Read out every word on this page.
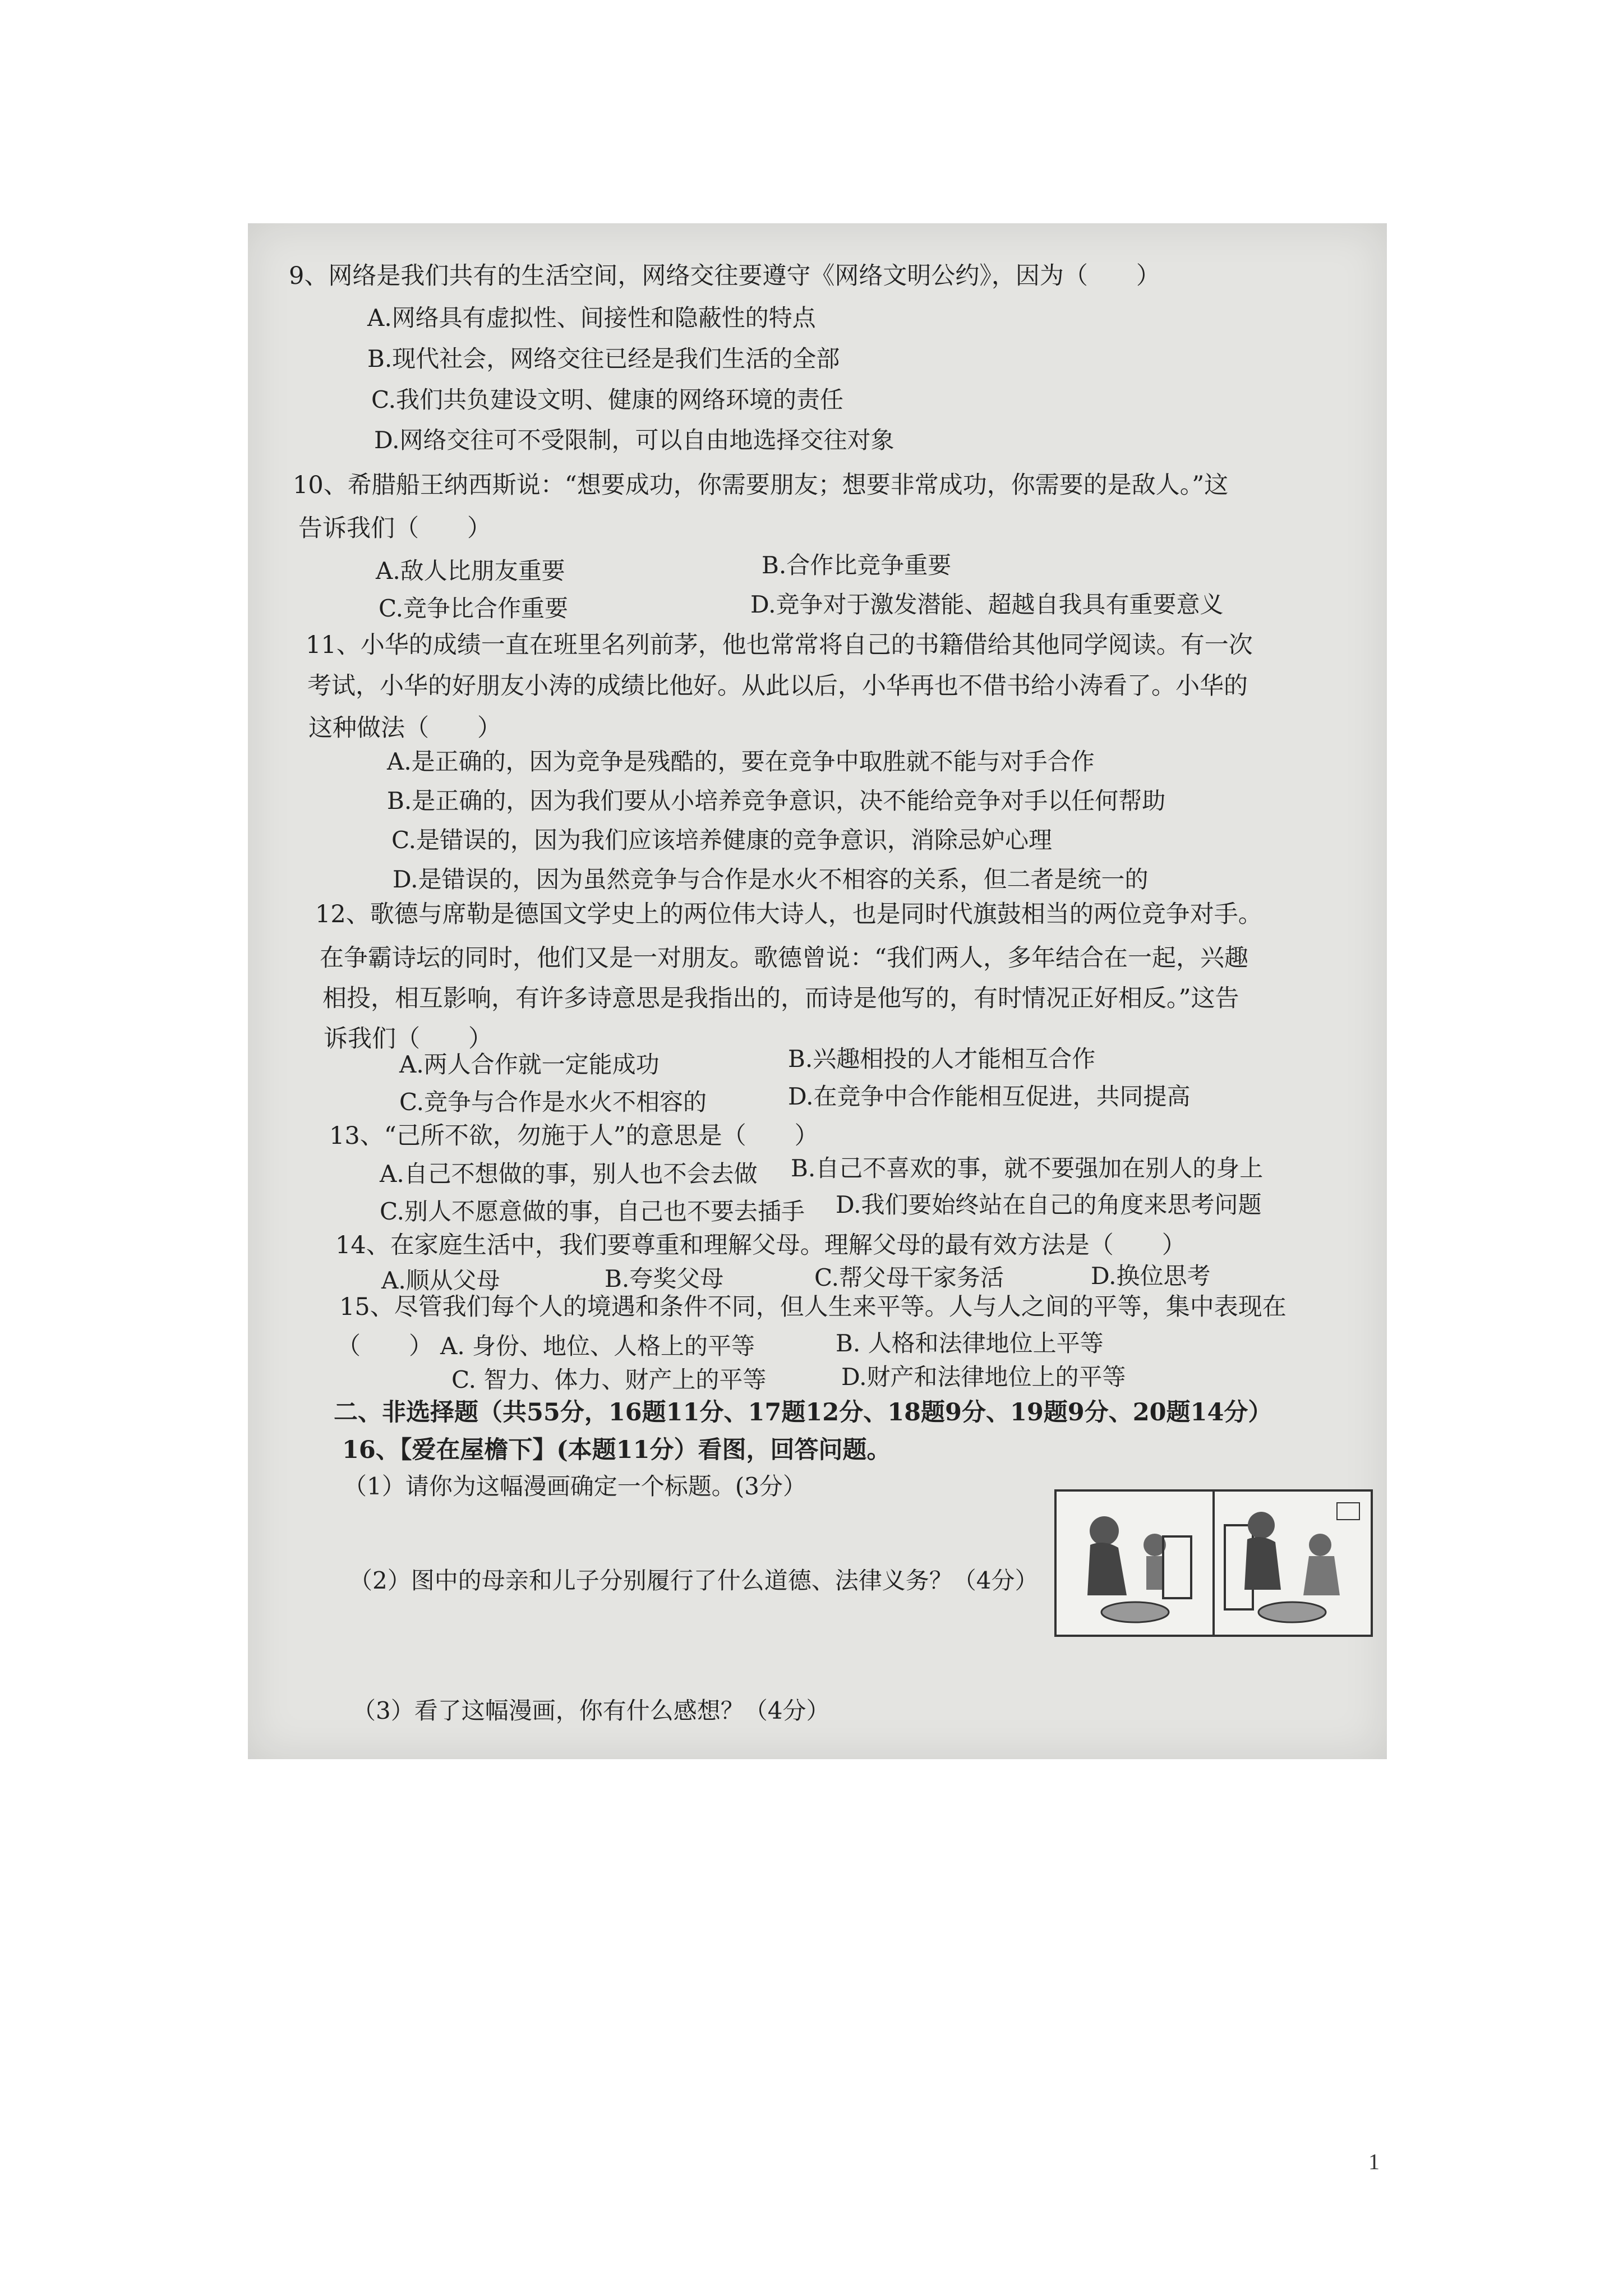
9、网络是我们共有的生活空间，网络交往要遵守《网络文明公约》，因为（　　）
A.网络具有虚拟性、间接性和隐蔽性的特点
B.现代社会，网络交往已经是我们生活的全部
C.我们共负建设文明、健康的网络环境的责任
D.网络交往可不受限制，可以自由地选择交往对象
10、希腊船王纳西斯说：“想要成功，你需要朋友；想要非常成功，你需要的是敌人。”这
告诉我们（　　）
A.敌人比朋友重要	B.合作比竞争重要
C.竞争比合作重要	D.竞争对于激发潜能、超越自我具有重要意义
11、小华的成绩一直在班里名列前茅，他也常常将自己的书籍借给其他同学阅读。有一次
考试，小华的好朋友小涛的成绩比他好。从此以后，小华再也不借书给小涛看了。小华的
这种做法（　　）
A.是正确的，因为竞争是残酷的，要在竞争中取胜就不能与对手合作
B.是正确的，因为我们要从小培养竞争意识，决不能给竞争对手以任何帮助
C.是错误的，因为我们应该培养健康的竞争意识，消除忌妒心理
D.是错误的，因为虽然竞争与合作是水火不相容的关系，但二者是统一的
12、歌德与席勒是德国文学史上的两位伟大诗人，也是同时代旗鼓相当的两位竞争对手。
在争霸诗坛的同时，他们又是一对朋友。歌德曾说：“我们两人，多年结合在一起，兴趣
相投，相互影响，有许多诗意思是我指出的，而诗是他写的，有时情况正好相反。”这告
诉我们（　　）
A.两人合作就一定能成功	B.兴趣相投的人才能相互合作
C.竞争与合作是水火不相容的	D.在竞争中合作能相互促进，共同提高
13、“己所不欲，勿施于人”的意思是（　　）
A.自己不想做的事，别人也不会去做 B.自己不喜欢的事，就不要强加在别人的身上
C.别人不愿意做的事，自己也不要去插手 D.我们要始终站在自己的角度来思考问题
14、在家庭生活中，我们要尊重和理解父母。理解父母的最有效方法是（　　）
A.顺从父母	B.夸奖父母	C.帮父母干家务活	D.换位思考
15、尽管我们每个人的境遇和条件不同，但人生来平等。人与人之间的平等，集中表现在
（　　） A. 身份、地位、人格上的平等	B. 人格和法律地位上平等
C. 智力、体力、财产上的平等	D.财产和法律地位上的平等
二、非选择题（共55分，16题11分、17题12分、18题9分、19题9分、20题14分）
16、【爱在屋檐下】(本题11分）看图，回答问题。
（1）请你为这幅漫画确定一个标题。(3分）
（2）图中的母亲和儿子分别履行了什么道德、法律义务？（4分）
（3）看了这幅漫画，你有什么感想？（4分）
1
